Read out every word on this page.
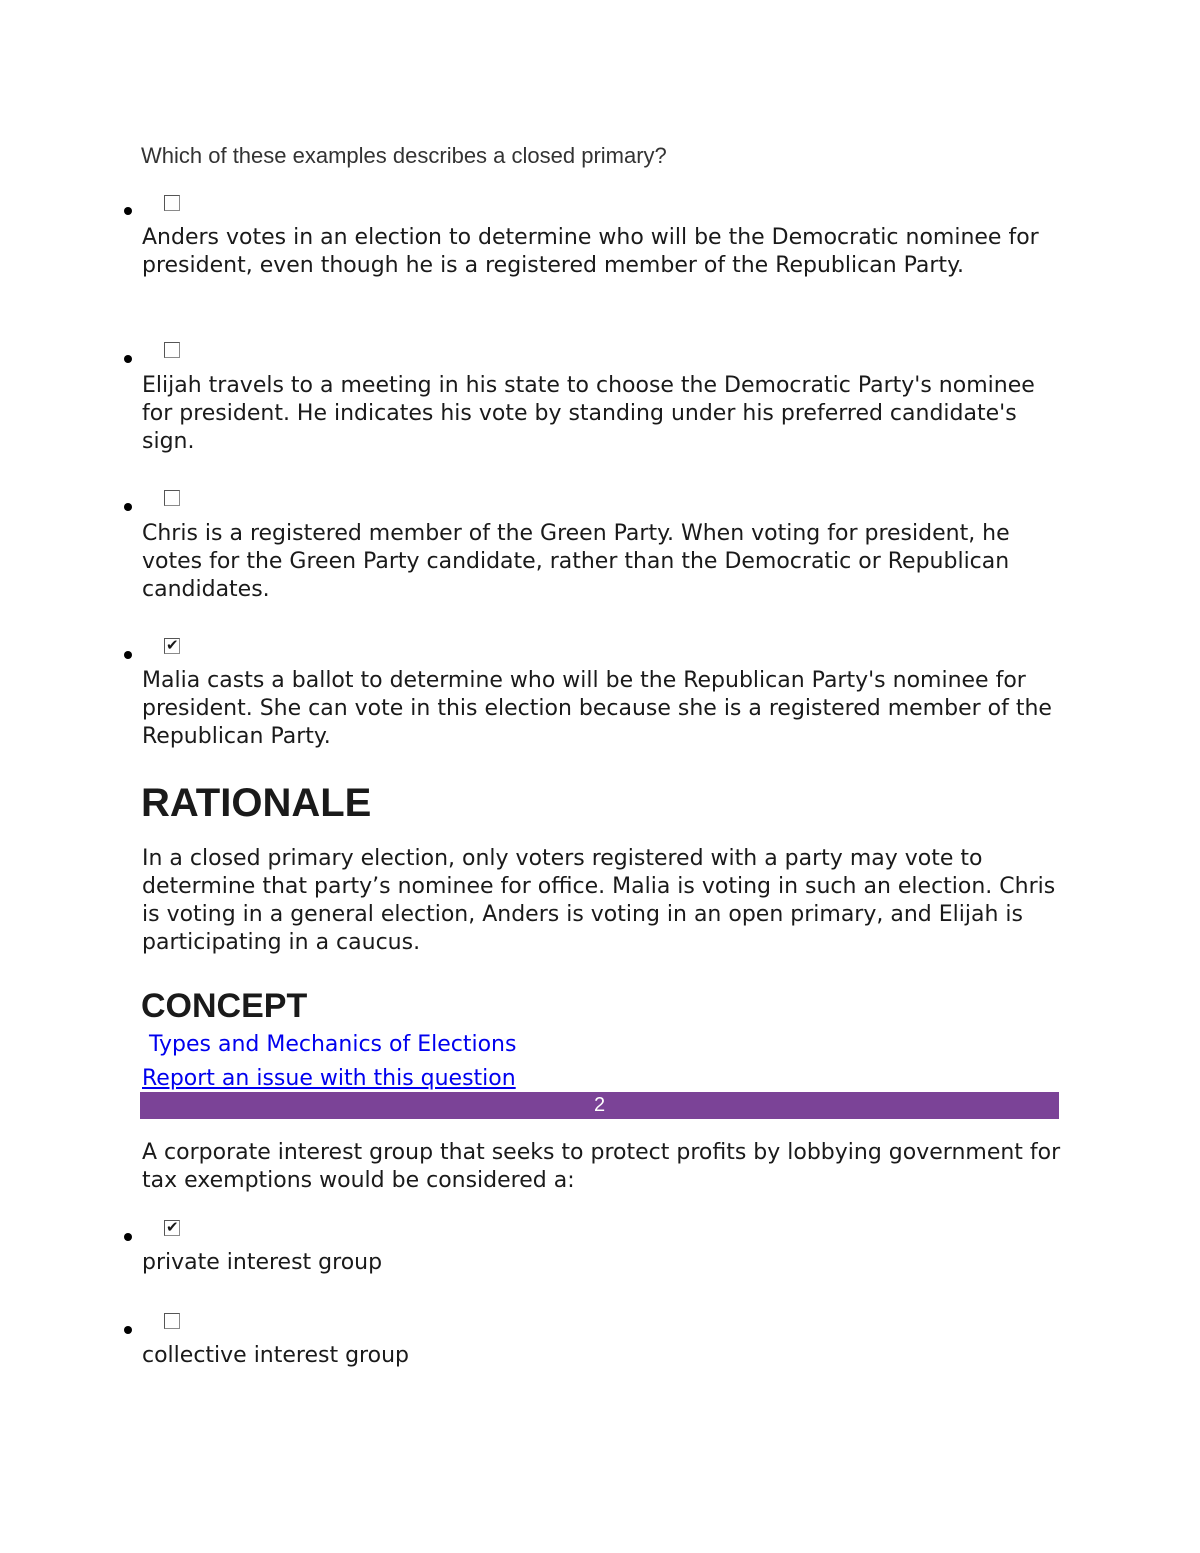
Which of these examples describes a closed primary?

Anders votes in an election to determine who will be the Democratic nominee for president, even though he is a registered member of the Republican Party.

Elijah travels to a meeting in his state to choose the Democratic Party's nominee for president. He indicates his vote by standing under his preferred candidate's sign.

Chris is a registered member of the Green Party. When voting for president, he votes for the Green Party candidate, rather than the Democratic or Republican candidates.

✔

Malia casts a ballot to determine who will be the Republican Party's nominee for president. She can vote in this election because she is a registered member of the Republican Party.

RATIONALE

In a closed primary election, only voters registered with a party may vote to determine that party’s nominee for office. Malia is voting in such an election. Chris is voting in a general election, Anders is voting in an open primary, and Elijah is participating in a caucus.

CONCEPT
Types and Mechanics of Elections
Report an issue with this question
2

A corporate interest group that seeks to protect profits by lobbying government for tax exemptions would be considered a:

✔

private interest group

collective interest group
